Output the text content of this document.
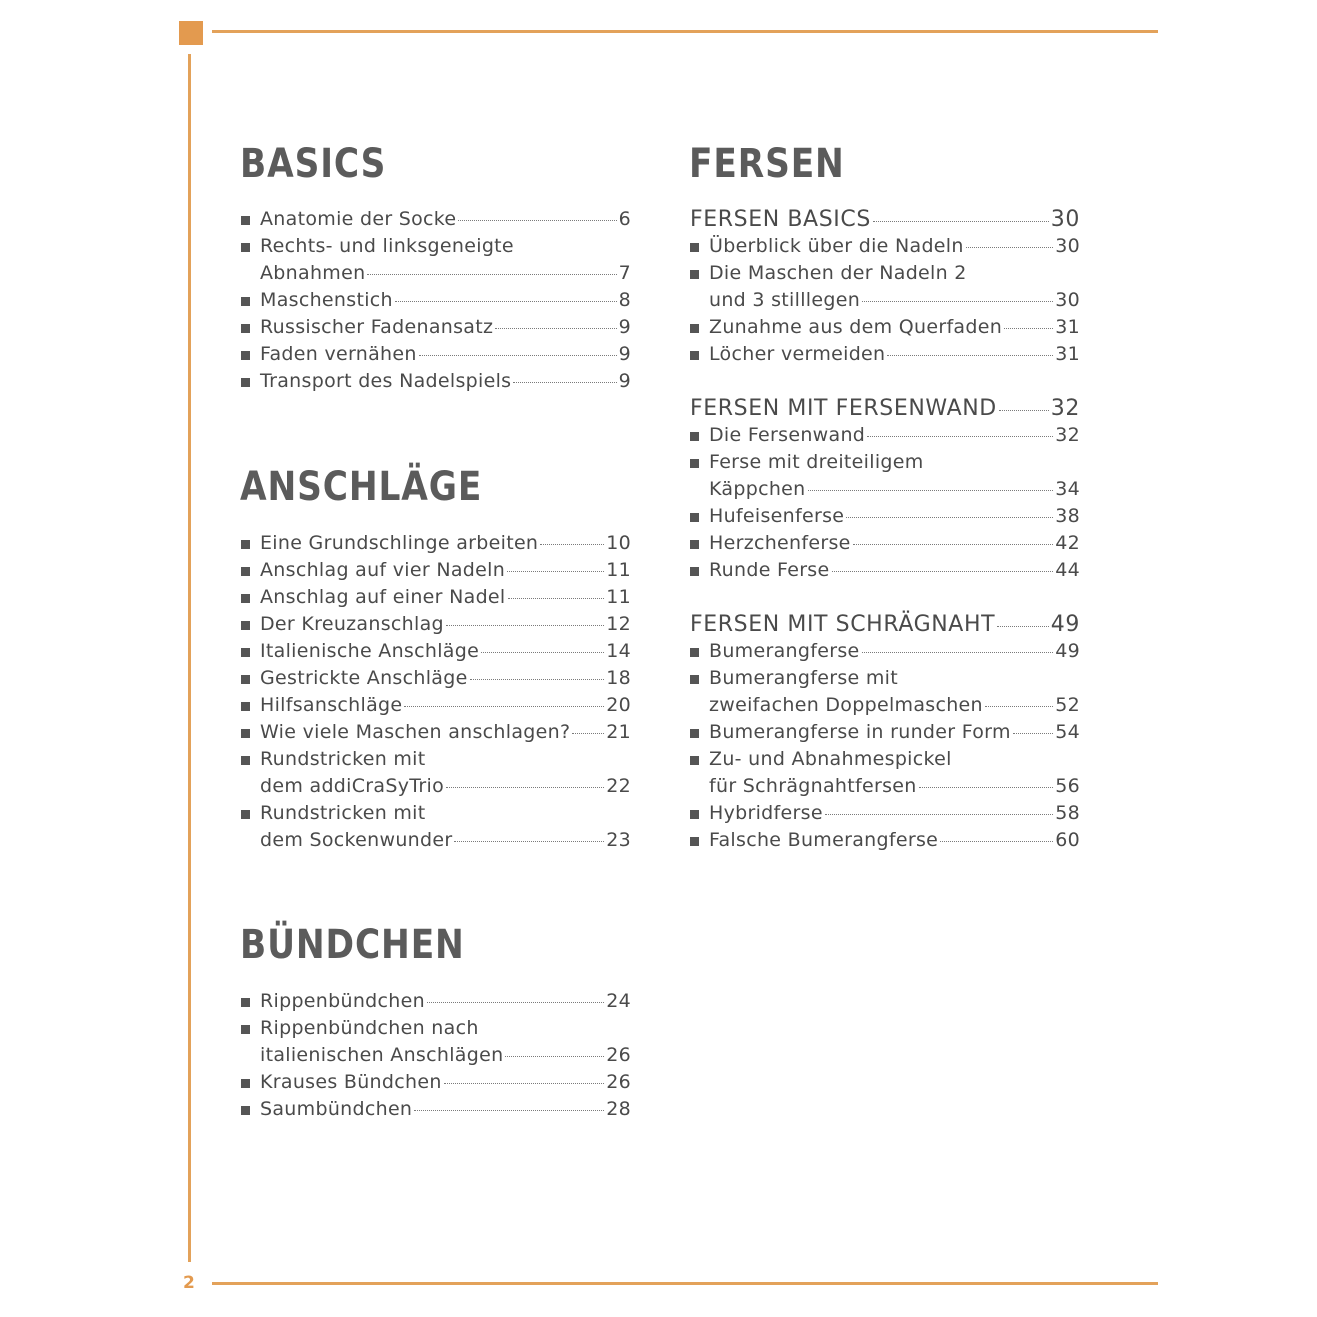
2
BASICS
ANSCHLÄGE
BÜNDCHEN
FERSEN
Anatomie der Socke	6
Rechts- und linksgeneigte
Abnahmen	7
Maschenstich	8
Russischer Fadenansatz	9
Faden vernähen	9
Transport des Nadelspiels	9
Eine Grundschlinge arbeiten	10
Anschlag auf vier Nadeln	11
Anschlag auf einer Nadel	11
Der Kreuzanschlag	12
Italienische Anschläge	14
Gestrickte Anschläge	18
Hilfsanschläge	20
Wie viele Maschen anschlagen? 21
Rundstricken mit
dem addiCraSyTrio	22
Rundstricken mit
dem Sockenwunder	23
Rippenbündchen	24
Rippenbündchen nach
italienischen Anschlägen	26
Krauses Bündchen	26
Saumbündchen	28
FERSEN BASICS	30
Überblick über die Nadeln	30
Die Maschen der Nadeln 2
und 3 stilllegen	30
Zunahme aus dem Querfaden	31
Löcher vermeiden	31
FERSEN MIT FERSENWAND 32
Die Fersenwand	32
Ferse mit dreiteiligem
Käppchen	34
Hufeisenferse	38
Herzchenferse	42
Runde Ferse	44
FERSEN MIT SCHRÄGNAHT	49
Bumerangferse	49
Bumerangferse mit
zweifachen Doppelmaschen	52
Bumerangferse in runder Form 54
Zu- und Abnahmespickel
für Schrägnahtfersen	56
Hybridferse	58
Falsche Bumerangferse	60
